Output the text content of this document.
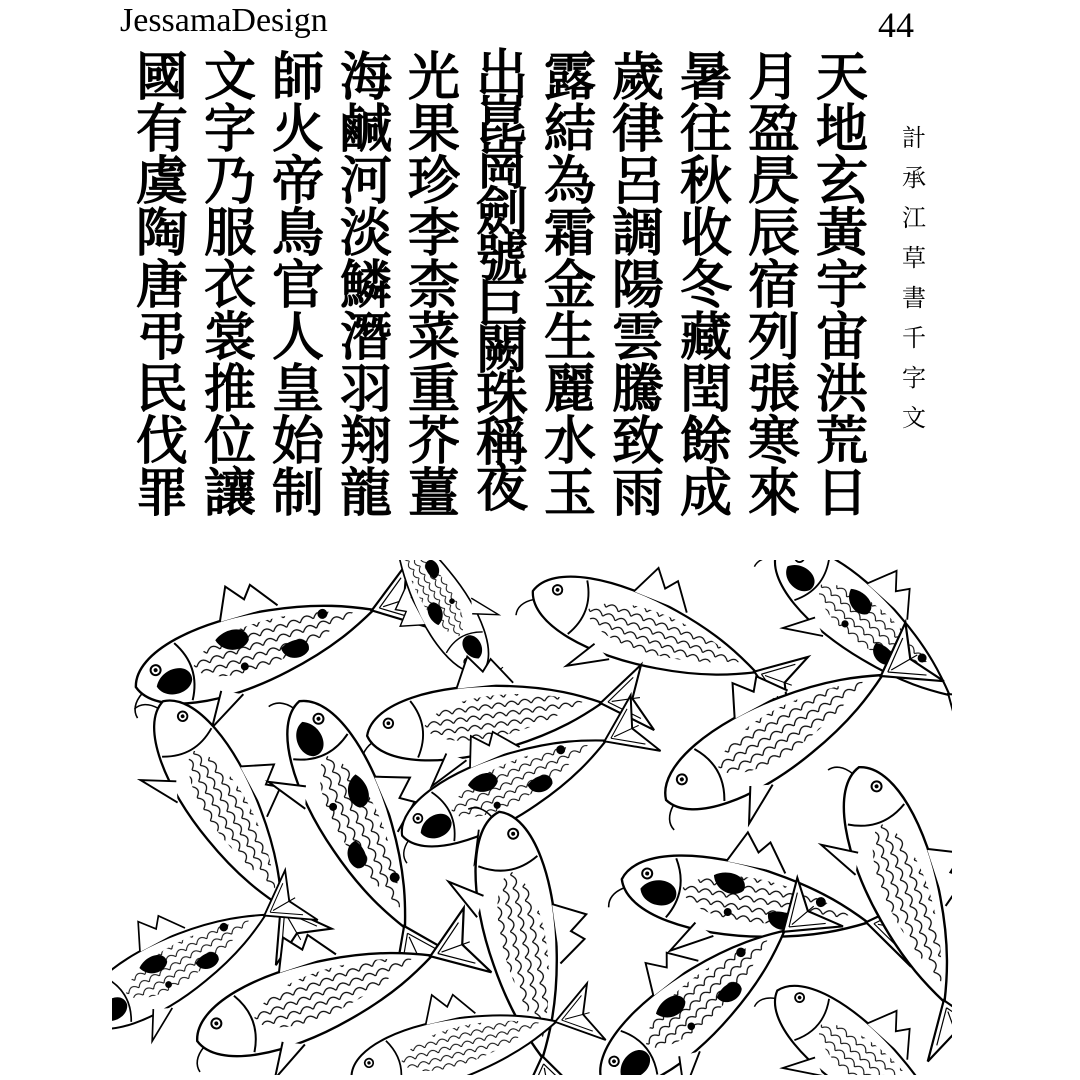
JessamaDesign	44
計
承
江
草
書
千
字
文
天
地
玄
黃
宇
宙
洪
荒
日
月
盈
昃
辰
宿
列
張
寒
來
暑
往
秋
收
冬
藏
閏
餘
成
歲
律
呂
調
陽
雲
騰
致
雨
露
結
為
霜
金
生
麗
水
玉
出
崑
崗
劍
號
巨
闕
珠
稱
夜
光
果
珍
李
柰
菜
重
芥
薑
海
鹹
河
淡
鱗
潛
羽
翔
龍
師
火
帝
鳥
官
人
皇
始
制
文
字
乃
服
衣
裳
推
位
讓
國
有
虞
陶
唐
弔
民
伐
罪
